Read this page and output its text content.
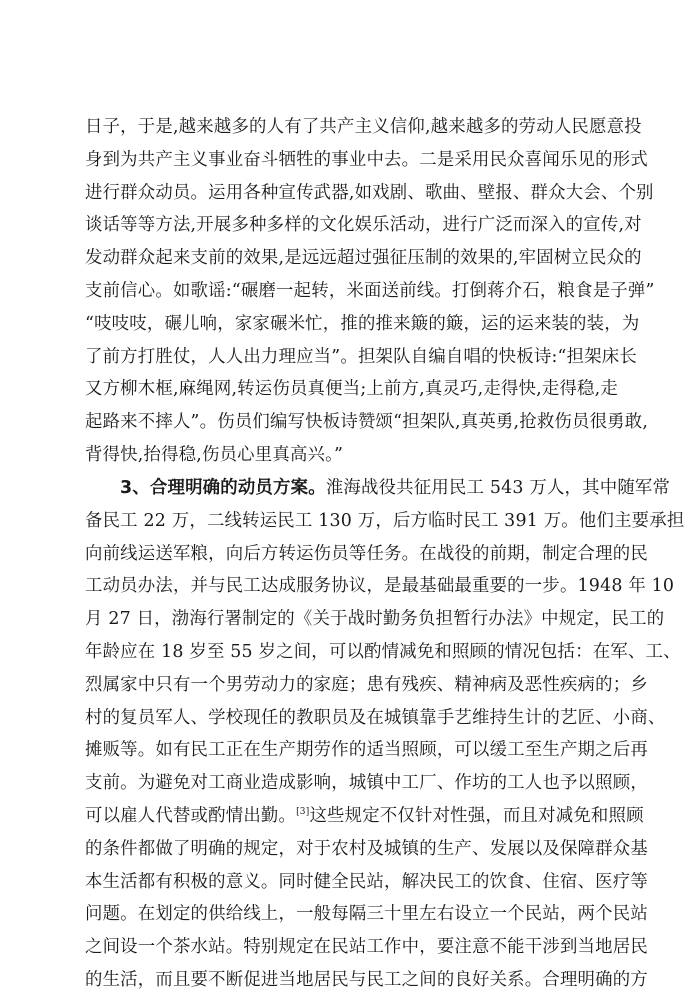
日子，于是,越来越多的人有了共产主义信仰,越来越多的劳动人民愿意投
身到为共产主义事业奋斗牺牲的事业中去。二是采用民众喜闻乐见的形式
进行群众动员。运用各种宣传武器,如戏剧、歌曲、壁报、群众大会、个别
谈话等等方法,开展多种多样的文化娱乐活动，进行广泛而深入的宣传,对
发动群众起来支前的效果,是远远超过强征压制的效果的,牢固树立民众的
支前信心。如歌谣:“碾磨一起转，米面送前线。打倒蒋介石，粮食是子弹”
“吱吱吱，碾儿响，家家碾米忙，推的推来簸的簸，运的运来装的装，为
了前方打胜仗，人人出力理应当”。担架队自编自唱的快板诗:“担架床长
又方柳木框,麻绳网,转运伤员真便当;上前方,真灵巧,走得快,走得稳,走
起路来不摔人”。伤员们编写快板诗赞颂“担架队,真英勇,抢救伤员很勇敢,
背得快,抬得稳,伤员心里真高兴。”
3、合理明确的动员方案。淮海战役共征用民工 543 万人，其中随军常
备民工 22 万，二线转运民工 130 万，后方临时民工 391 万。他们主要承担
向前线运送军粮，向后方转运伤员等任务。在战役的前期，制定合理的民
工动员办法，并与民工达成服务协议，是最基础最重要的一步。1948 年 10
月 27 日，渤海行署制定的《关于战时勤务负担暂行办法》中规定，民工的
年龄应在 18 岁至 55 岁之间，可以酌情减免和照顾的情况包括：在军、工、
烈属家中只有一个男劳动力的家庭；患有残疾、精神病及恶性疾病的；乡
村的复员军人、学校现任的教职员及在城镇靠手艺维持生计的艺匠、小商、
摊贩等。如有民工正在生产期劳作的适当照顾，可以缓工至生产期之后再
支前。为避免对工商业造成影响，城镇中工厂、作坊的工人也予以照顾，
可以雇人代替或酌情出勤。[3]这些规定不仅针对性强，而且对减免和照顾
的条件都做了明确的规定，对于农村及城镇的生产、发展以及保障群众基
本生活都有积极的意义。同时健全民站，解决民工的饮食、住宿、医疗等
问题。在划定的供给线上，一般每隔三十里左右设立一个民站，两个民站
之间设一个茶水站。特别规定在民站工作中，要注意不能干涉到当地居民
的生活，而且要不断促进当地居民与民工之间的良好关系。合理明确的方
